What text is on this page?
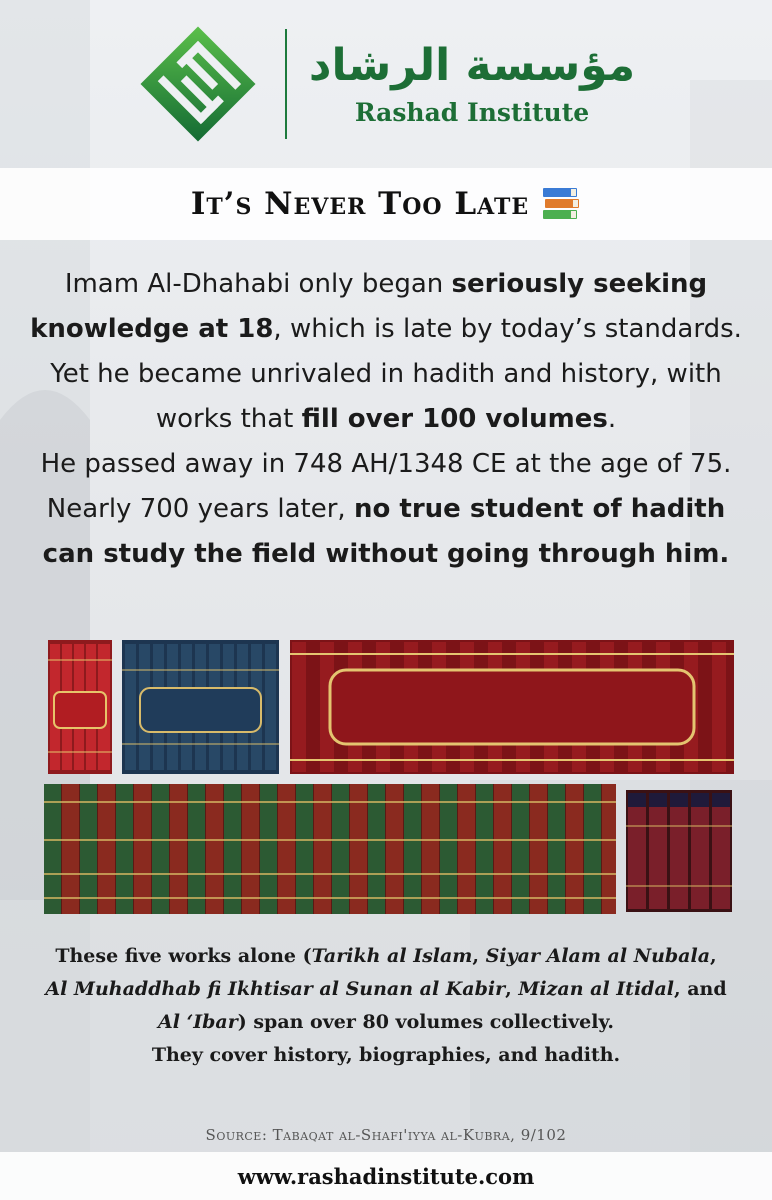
مؤسسة الرشاد
Rashad Institute
It’s Never Too Late
Imam Al-Dhahabi only began seriously seeking knowledge at 18, which is late by today’s standards. Yet he became unrivaled in hadith and history, with works that fill over 100 volumes.
He passed away in 748 AH/1348 CE at the age of 75.
Nearly 700 years later, no true student of hadith can study the field without going through him.
These five works alone (Tarikh al Islam, Siyar Alam al Nubala,
Al Muhaddhab fi Ikhtisar al Sunan al Kabir, Mizan al Itidal, and
Al ‘Ibar) span over 80 volumes collectively.
They cover history, biographies, and hadith.
Source: Tabaqat al-Shafi'iyya al-Kubra, 9/102
www.rashadinstitute.com
